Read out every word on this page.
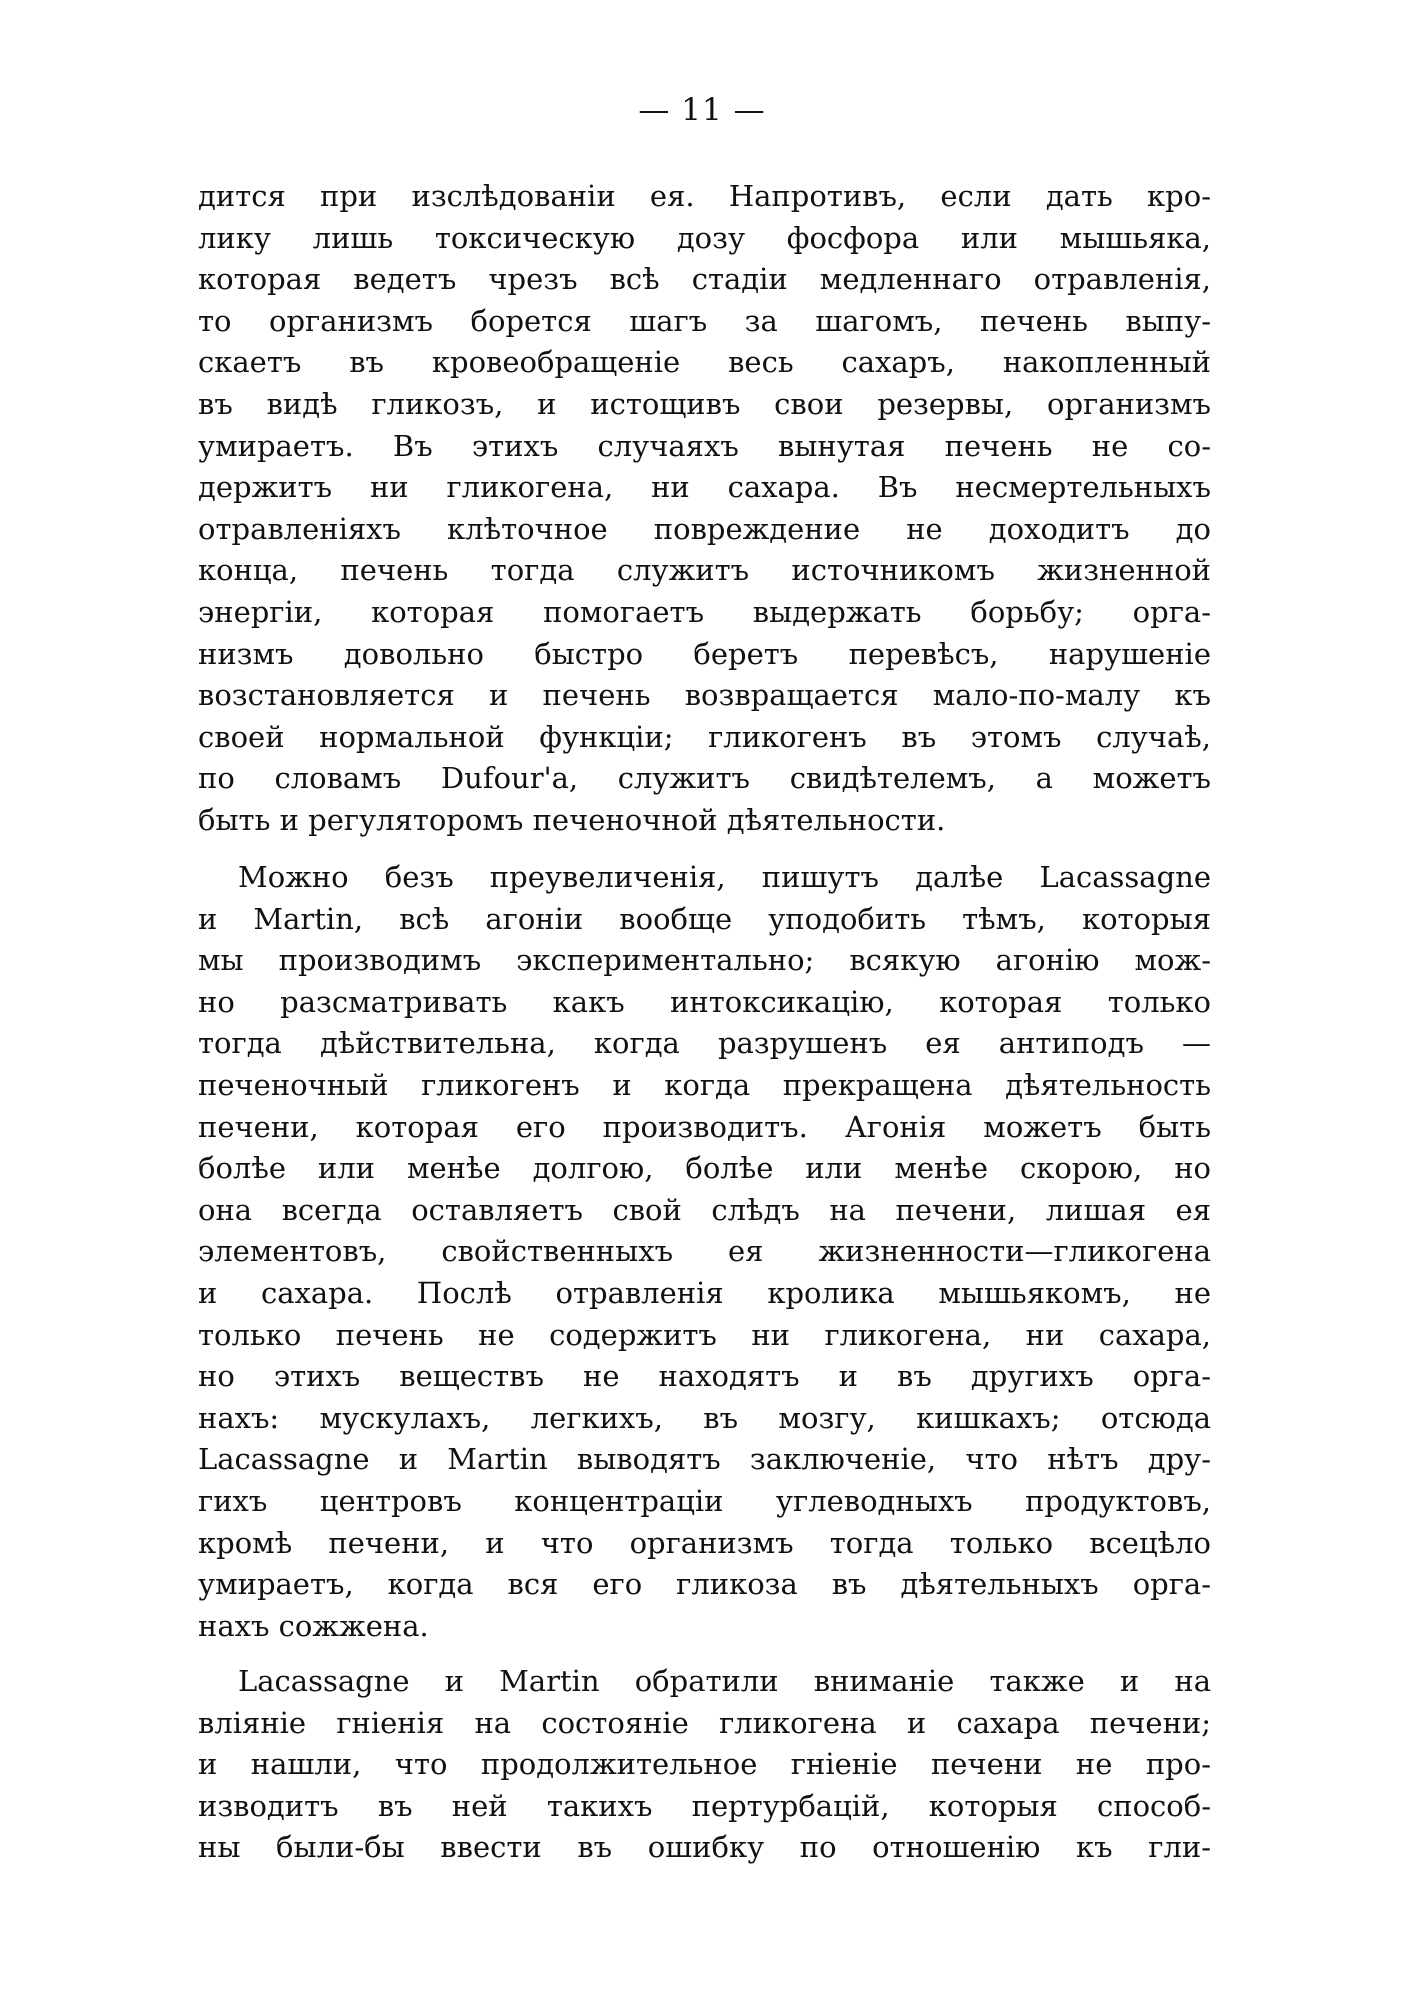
— 11 —
дится при изслѣдованіи ея. Напротивъ, если дать кро-
лику лишь токсическую дозу фосфора или мышьяка,
которая ведетъ чрезъ всѣ стадіи медленнаго отравленія,
то организмъ борется шагъ за шагомъ, печень выпу-
скаетъ въ кровеобращеніе весь сахаръ, накопленный
въ видѣ гликозъ, и истощивъ свои резервы, организмъ
умираетъ. Въ этихъ случаяхъ вынутая печень не со-
держитъ ни гликогена, ни сахара. Въ несмертельныхъ
отравленіяхъ клѣточное повреждение не доходитъ до
конца, печень тогда служитъ источникомъ жизненной
энергіи, которая помогаетъ выдержать борьбу; орга-
низмъ довольно быстро беретъ перевѣсъ, нарушеніе
возстановляется и печень возвращается мало-по-малу къ
своей нормальной функціи; гликогенъ въ этомъ случаѣ,
по словамъ Dufour'a, служитъ свидѣтелемъ, а можетъ
быть и регуляторомъ печеночной дѣятельности.
Можно безъ преувеличенія, пишутъ далѣе Lacassagne
и Martin, всѣ агоніи вообще уподобить тѣмъ, которыя
мы производимъ экспериментально; всякую агонію мож-
но разсматривать какъ интоксикацію, которая только
тогда дѣйствительна, когда разрушенъ ея антиподъ —
печеночный гликогенъ и когда прекращена дѣятельность
печени, которая его производитъ. Агонія можетъ быть
болѣе или менѣе долгою, болѣе или менѣе скорою, но
она всегда оставляетъ свой слѣдъ на печени, лишая ея
элементовъ, свойственныхъ ея жизненности—гликогена
и сахара. Послѣ отравленія кролика мышьякомъ, не
только печень не содержитъ ни гликогена, ни сахара,
но этихъ веществъ не находятъ и въ другихъ орга-
нахъ: мускулахъ, легкихъ, въ мозгу, кишкахъ; отсюда
Lacassagne и Martin выводятъ заключеніе, что нѣтъ дру-
гихъ центровъ концентраціи углеводныхъ продуктовъ,
кромѣ печени, и что организмъ тогда только всецѣло
умираетъ, когда вся его гликоза въ дѣятельныхъ орга-
нахъ сожжена.
Lacassagne и Martin обратили вниманіе также и на
вліяніе гніенія на состояніе гликогена и сахара печени;
и нашли, что продолжительное гніеніе печени не про-
изводитъ въ ней такихъ пертурбацій, которыя способ-
ны были-бы ввести въ ошибку по отношенію къ гли-
